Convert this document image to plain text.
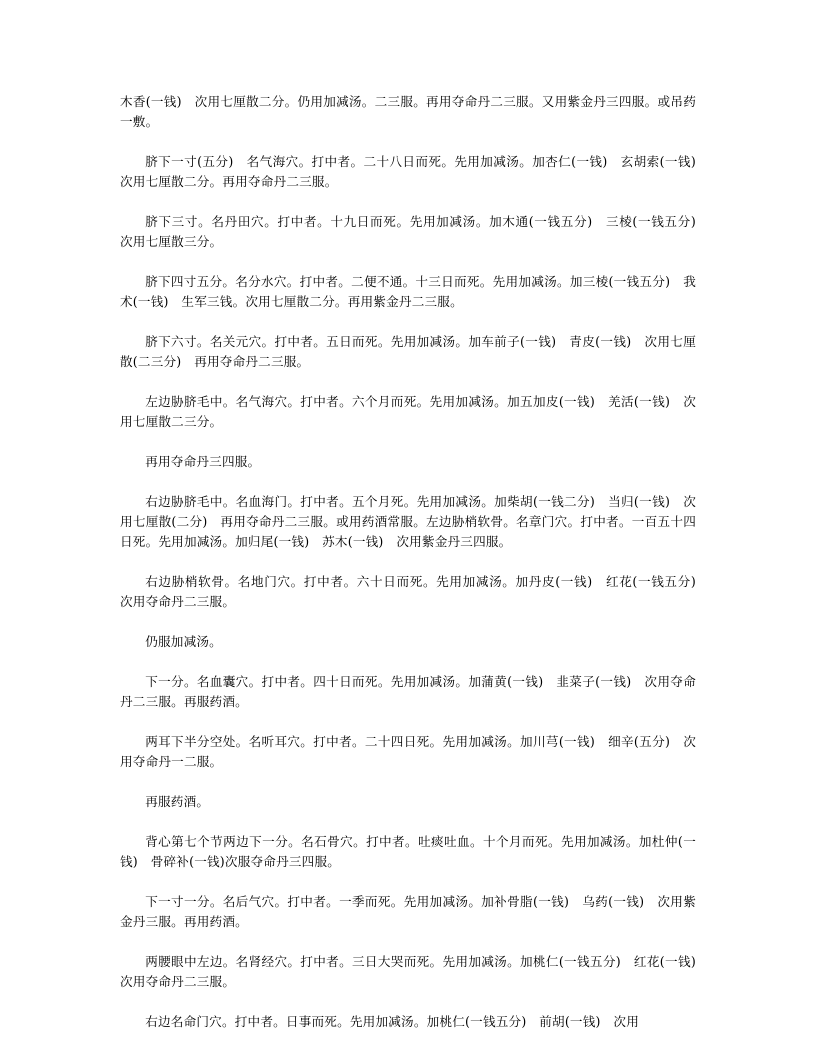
木香(一钱)　次用七厘散二分。仍用加减汤。二三服。再用夺命丹二三服。又用紫金丹三四服。或吊药一敷。

脐下一寸(五分)　名气海穴。打中者。二十八日而死。先用加减汤。加杏仁(一钱)　玄胡索(一钱)　次用七厘散二分。再用夺命丹二三服。

脐下三寸。名丹田穴。打中者。十九日而死。先用加减汤。加木通(一钱五分)　三棱(一钱五分)　次用七厘散三分。

脐下四寸五分。名分水穴。打中者。二便不通。十三日而死。先用加减汤。加三棱(一钱五分)　我术(一钱)　生军三钱。次用七厘散二分。再用紫金丹二三服。

脐下六寸。名关元穴。打中者。五日而死。先用加减汤。加车前子(一钱)　青皮(一钱)　次用七厘散(二三分)　再用夺命丹二三服。

左边胁脐毛中。名气海穴。打中者。六个月而死。先用加减汤。加五加皮(一钱)　羌活(一钱)　次用七厘散二三分。

再用夺命丹三四服。

右边胁脐毛中。名血海门。打中者。五个月死。先用加减汤。加柴胡(一钱二分)　当归(一钱)　次用七厘散(二分)　再用夺命丹二三服。或用药酒常服。左边胁梢软骨。名章门穴。打中者。一百五十四日死。先用加减汤。加归尾(一钱)　苏木(一钱)　次用紫金丹三四服。

右边胁梢软骨。名地门穴。打中者。六十日而死。先用加减汤。加丹皮(一钱)　红花(一钱五分)　次用夺命丹二三服。

仍服加减汤。

下一分。名血囊穴。打中者。四十日而死。先用加减汤。加蒲黄(一钱)　韭菜子(一钱)　次用夺命丹二三服。再服药酒。

两耳下半分空处。名听耳穴。打中者。二十四日死。先用加减汤。加川芎(一钱)　细辛(五分)　次用夺命丹一二服。

再服药酒。

背心第七个节两边下一分。名石骨穴。打中者。吐痰吐血。十个月而死。先用加减汤。加杜仲(一钱)　骨碎补(一钱)次服夺命丹三四服。

下一寸一分。名后气穴。打中者。一季而死。先用加减汤。加补骨脂(一钱)　乌药(一钱)　次用紫金丹三服。再用药酒。

两腰眼中左边。名肾经穴。打中者。三日大哭而死。先用加减汤。加桃仁(一钱五分)　红花(一钱)　次用夺命丹二三服。

右边名命门穴。打中者。日事而死。先用加减汤。加桃仁(一钱五分)　前胡(一钱)　次用
